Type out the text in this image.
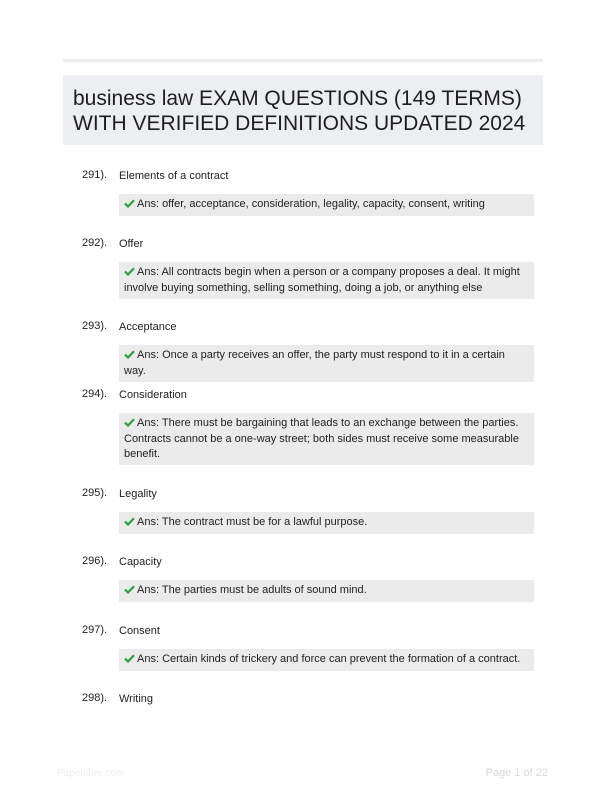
business law EXAM QUESTIONS (149 TERMS)
WITH VERIFIED DEFINITIONS UPDATED 2024
291). Elements of a contract
Ans: offer, acceptance, consideration, legality, capacity, consent, writing
292). Offer
Ans: All contracts begin when a person or a company proposes a deal. It might involve buying something, selling something, doing a job, or anything else
293). Acceptance
Ans: Once a party receives an offer, the party must respond to it in a certain way.
294). Consideration
Ans: There must be bargaining that leads to an exchange between the parties. Contracts cannot be a one-way street; both sides must receive some measurable benefit.
295). Legality
Ans: The contract must be for a lawful purpose.
296). Capacity
Ans: The parties must be adults of sound mind.
297). Consent
Ans: Certain kinds of trickery and force can prevent the formation of a contract.
298). Writing
Paperlibre.com	Page 1 of 22
